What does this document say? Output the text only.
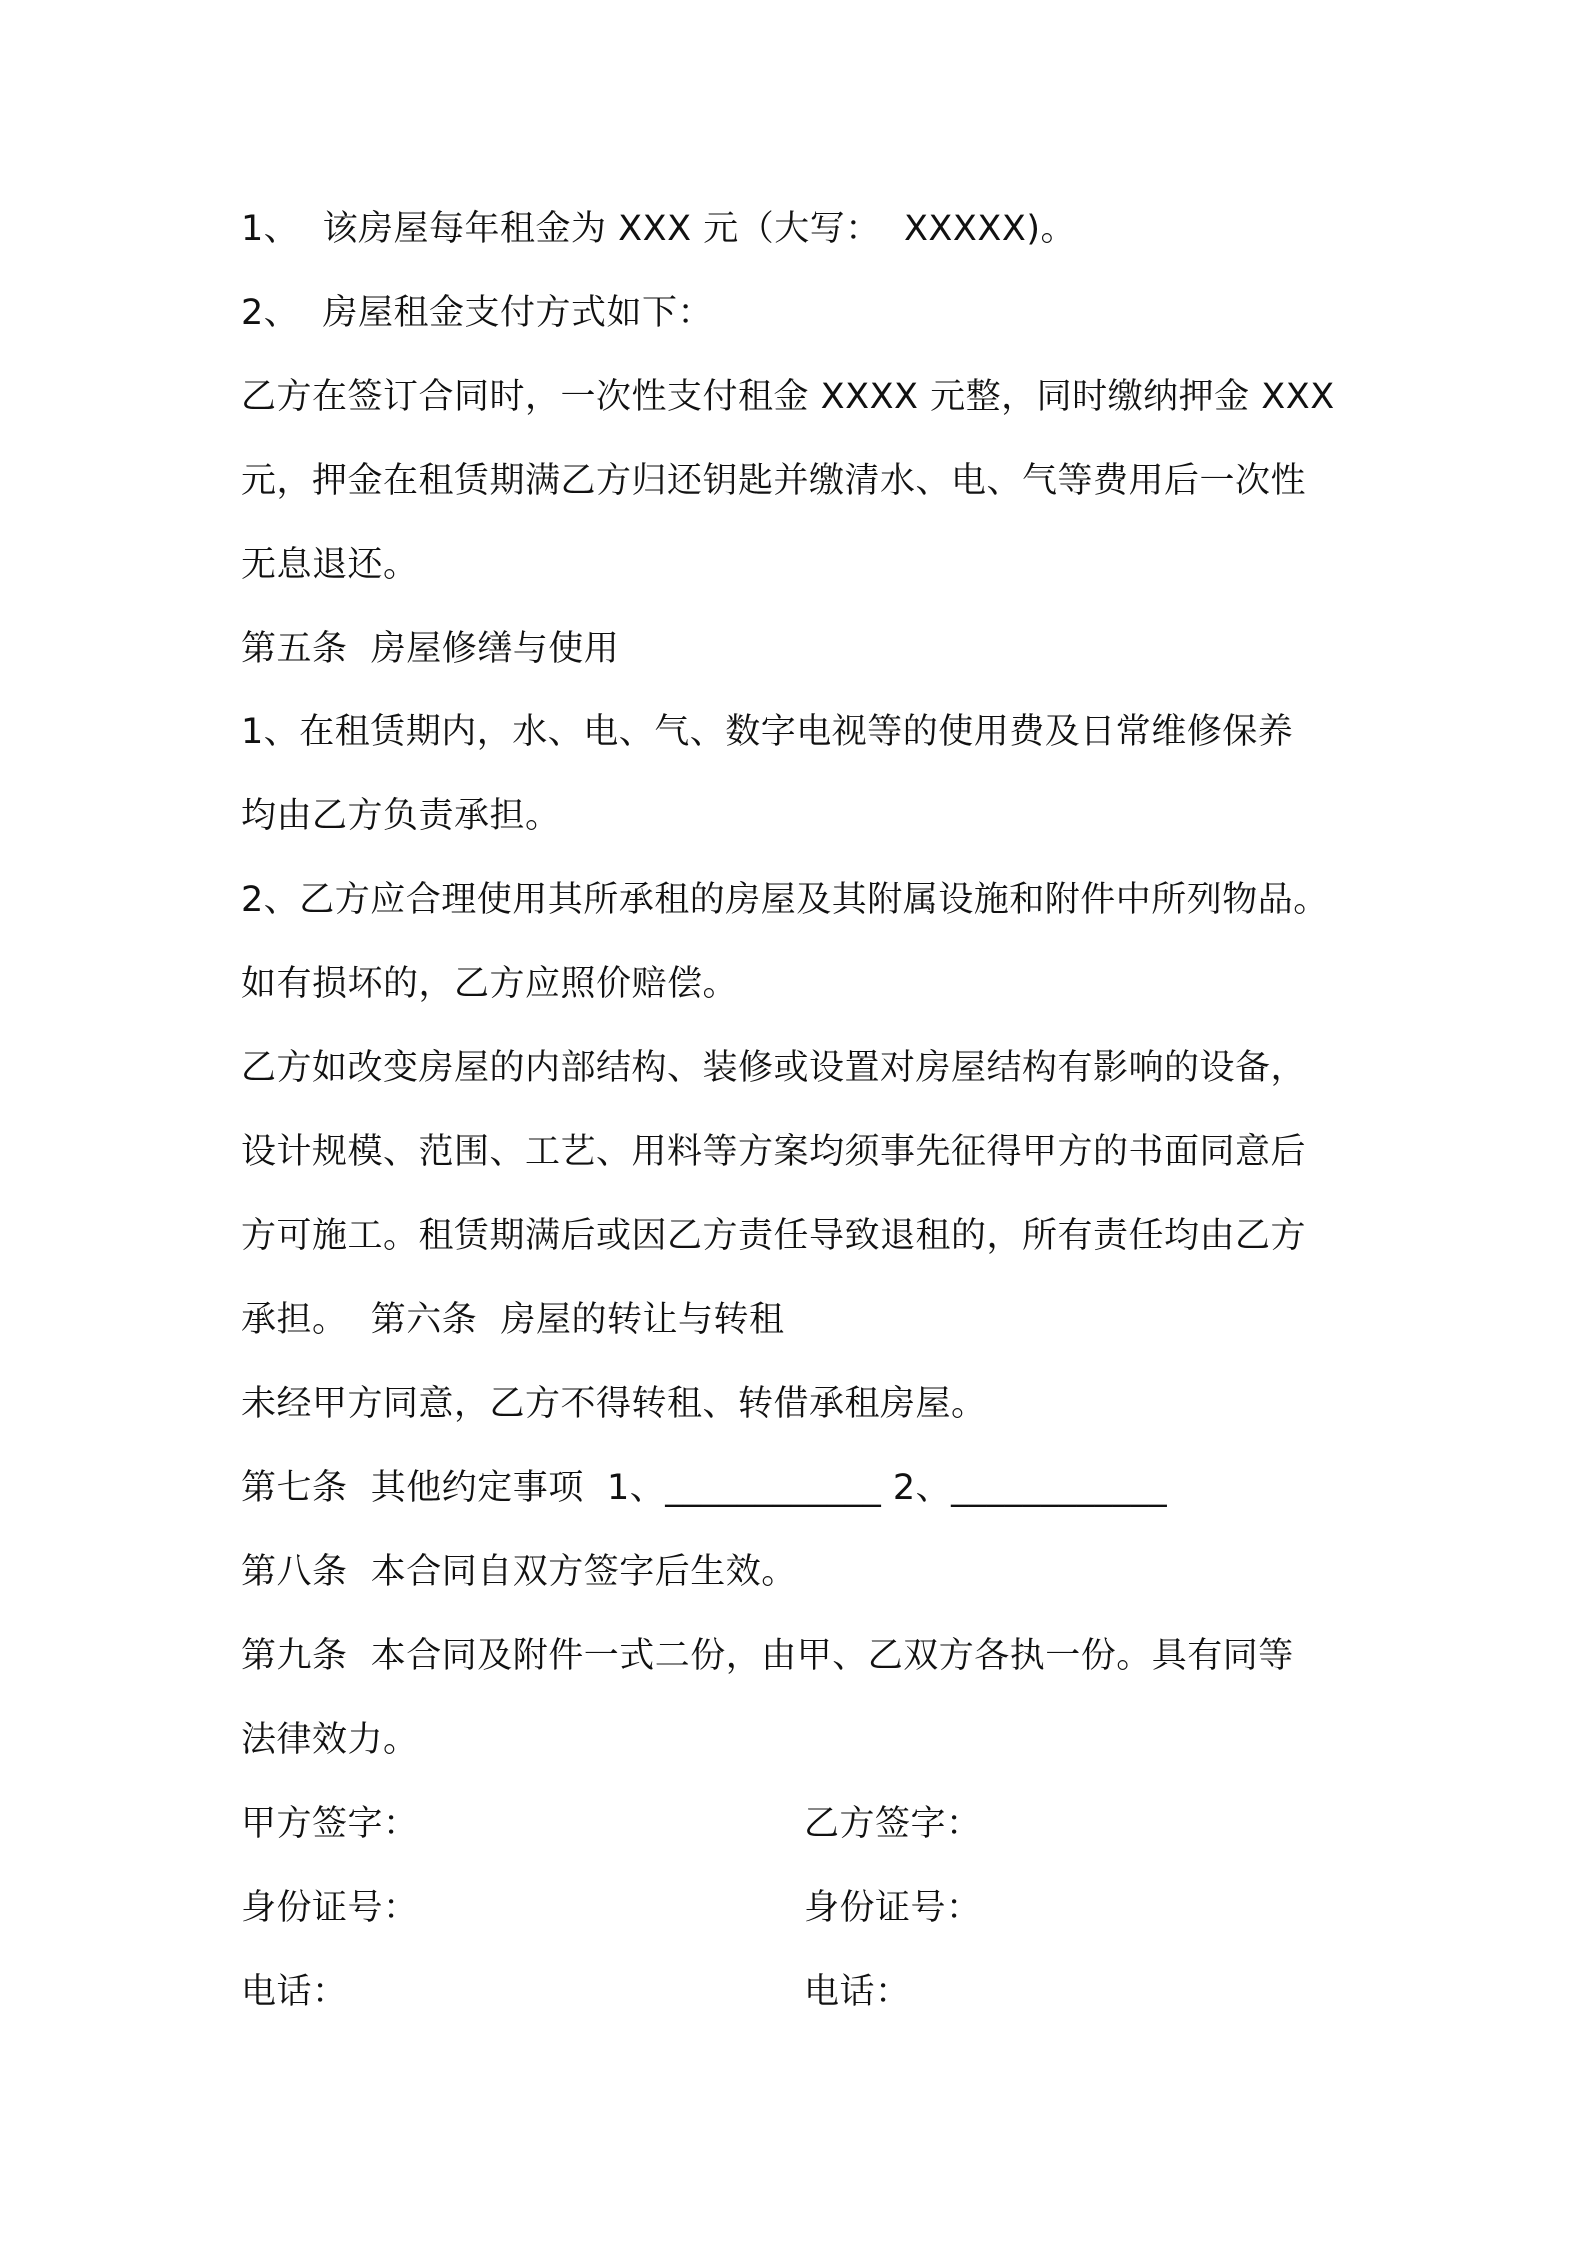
1、  该房屋每年租金为 XXX 元（大写：  XXXXX)。
2、  房屋租金支付方式如下：
乙方在签订合同时，一次性支付租金 XXXX 元整，同时缴纳押金 XXX
元，押金在租赁期满乙方归还钥匙并缴清水、电、气等费用后一次性
无息退还。
第五条  房屋修缮与使用
1、在租赁期内，水、电、气、数字电视等的使用费及日常维修保养
均由乙方负责承担。
2、乙方应合理使用其所承租的房屋及其附属设施和附件中所列物品。
如有损坏的，乙方应照价赔偿。
乙方如改变房屋的内部结构、装修或设置对房屋结构有影响的设备，
设计规模、范围、工艺、用料等方案均须事先征得甲方的书面同意后
方可施工。租赁期满后或因乙方责任导致退租的，所有责任均由乙方
承担。  第六条  房屋的转让与转租
未经甲方同意，乙方不得转租、转借承租房屋。
第七条  其他约定事项  1、____________ 2、____________
第八条  本合同自双方签字后生效。
第九条  本合同及附件一式二份，由甲、乙双方各执一份。具有同等
法律效力。
甲方签字：	乙方签字：
身份证号：	身份证号：
电话：	电话：
